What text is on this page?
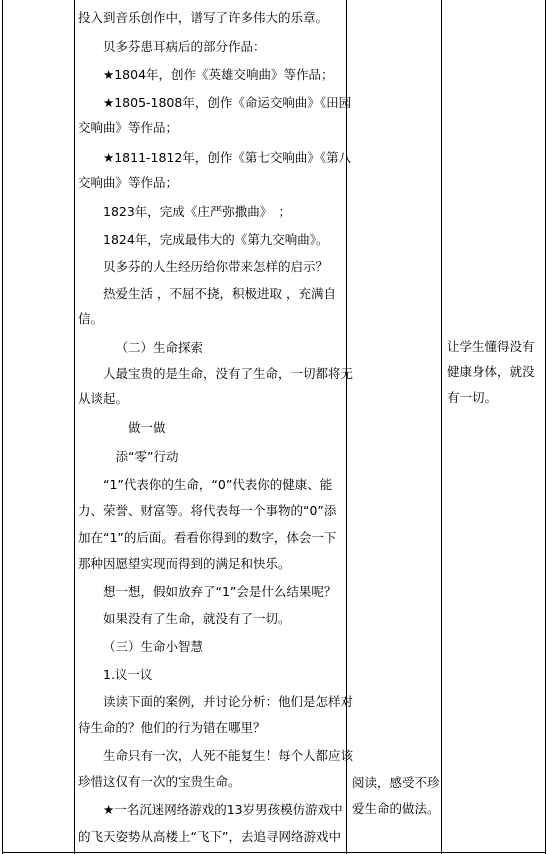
投入到音乐创作中，谱写了许多伟大的乐章。
贝多芬患耳病后的部分作品：
★1804年，创作《英雄交响曲》等作品；
★1805-1808年，创作《命运交响曲》《田园
交响曲》等作品；
★1811-1812年，创作《第七交响曲》《第八
交响曲》等作品；
1823年，完成《庄严弥撒曲》　；
1824年，完成最伟大的《第九交响曲》。
贝多芬的人生经历给你带来怎样的启示？
热爱生活 ，不屈不挠，积极进取 ，充满自
信。
（二）生命探索
人最宝贵的是生命，没有了生命，一切都将无
从谈起。
做一做
添“零”行动
“1”代表你的生命，“0”代表你的健康、能
力、荣誉、财富等。将代表每一个事物的“0”添
加在“1”的后面。看看你得到的数字，体会一下
那种因愿望实现而得到的满足和快乐。
想一想，假如放弃了“1”会是什么结果呢？
如果没有了生命，就没有了一切。
（三）生命小智慧
1.议一议
读读下面的案例，并讨论分析：他们是怎样对
待生命的？他们的行为错在哪里？
生命只有一次，人死不能复生！每个人都应该
珍惜这仅有一次的宝贵生命。
★一名沉迷网络游戏的13岁男孩模仿游戏中
的飞天姿势从高楼上“飞下”，去追寻网络游戏中
阅读，感受不珍
爱生命的做法。
让学生懂得没有
健康身体，就没
有一切。
